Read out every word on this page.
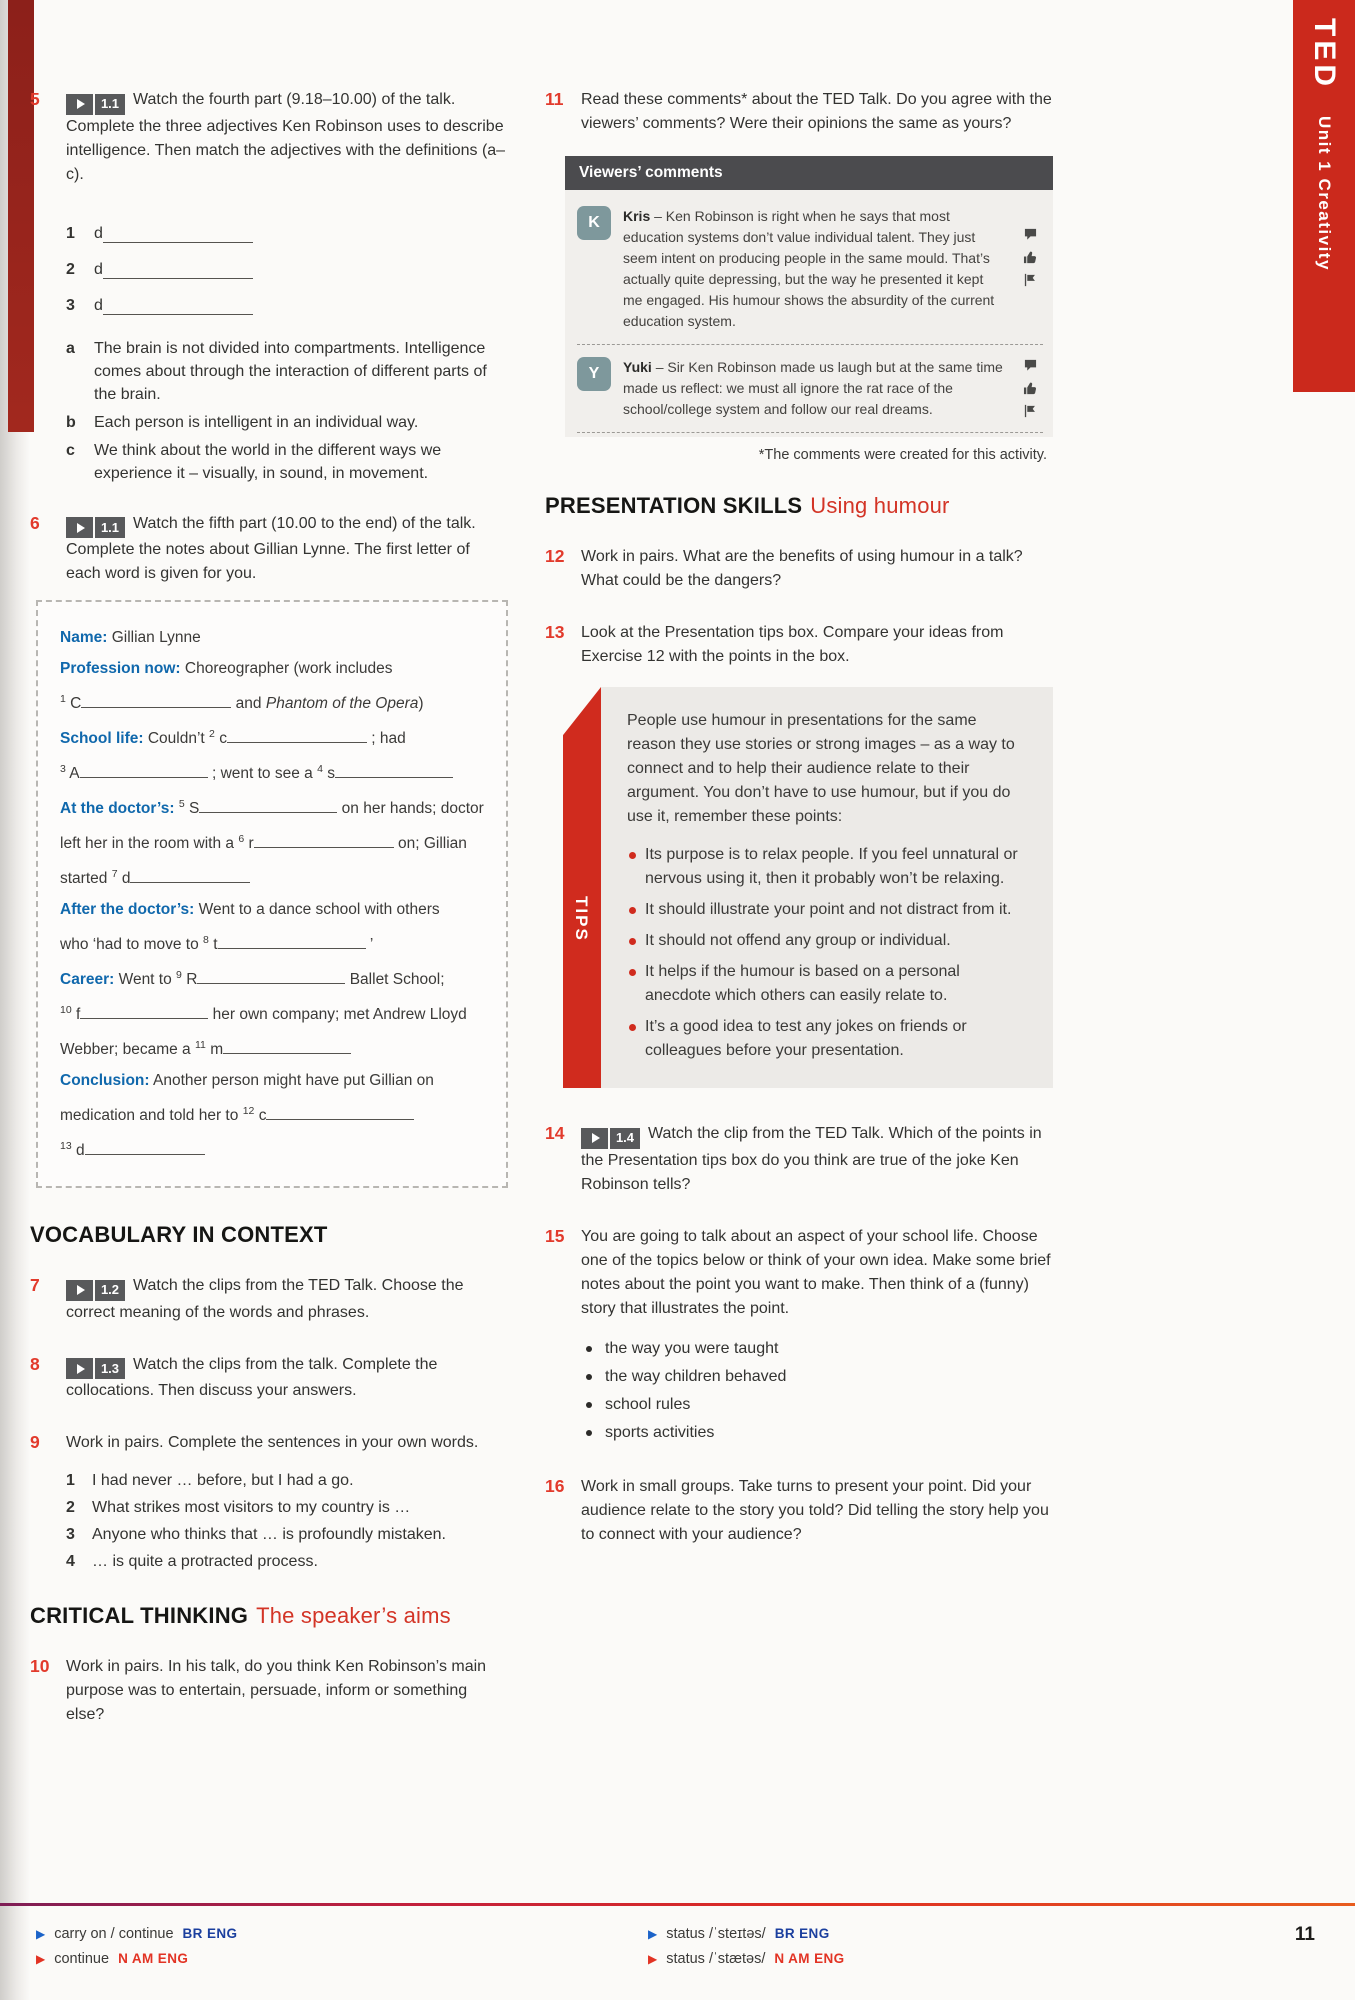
TED
Unit 1 Creativity
5	1.1 Watch the fourth part (9.18–10.00) of the talk. Complete the three adjectives Ken Robinson uses to describe intelligence. Then match the adjectives with the definitions (a–c).
1	d
2	d
3	d
a	The brain is not divided into compartments. Intelligence comes about through the interaction of different parts of the brain.
b	Each person is intelligent in an individual way.
c	We think about the world in the different ways we experience it – visually, in sound, in movement.
6	1.1 Watch the fifth part (10.00 to the end) of the talk. Complete the notes about Gillian Lynne. The first letter of each word is given for you.
Name: Gillian Lynne
Profession now: Choreographer (work includes
$^1$ C	and Phantom of the Opera)
School life: Couldn’t $^2$ c	; had
$^3$ A	; went to see a $^4$ s
At the doctor’s: $^5$ S	on her hands; doctor
left her in the room with a $^6$ r	on; Gillian
started $^7$ d
After the doctor’s: Went to a dance school with others
who ‘had to move to $^8$ t	’
Career: Went to $^9$ R	Ballet School;
$^{10}$ f	her own company; met Andrew Lloyd
Webber; became a $^{11}$ m
Conclusion: Another person might have put Gillian on
medication and told her to $^{12}$ c
$^{13}$ d
VOCABULARY IN CONTEXT
7	1.2 Watch the clips from the TED Talk. Choose the correct meaning of the words and phrases.
8	1.3 Watch the clips from the talk. Complete the collocations. Then discuss your answers.
9	Work in pairs. Complete the sentences in your own words.
1	I had never … before, but I had a go.
2	What strikes most visitors to my country is …
3	Anyone who thinks that … is profoundly mistaken.
4	… is quite a protracted process.
CRITICAL THINKING The speaker’s aims
10	Work in pairs. In his talk, do you think Ken Robinson’s main purpose was to entertain, persuade, inform or something else?
11	Read these comments* about the TED Talk. Do you agree with the viewers’ comments? Were their opinions the same as yours?
Viewers’ comments
K	Kris – Ken Robinson is right when he says that most education systems don’t value individual talent. They just seem intent on producing people in the same mould. That’s actually quite depressing, but the way he presented it kept me engaged. His humour shows the absurdity of the current education system.
Y	Yuki – Sir Ken Robinson made us laugh but at the same time made us reflect: we must all ignore the rat race of the school/college system and follow our real dreams.
*The comments were created for this activity.
PRESENTATION SKILLS Using humour
12	Work in pairs. What are the benefits of using humour in a talk? What could be the dangers?
13	Look at the Presentation tips box. Compare your ideas from Exercise 12 with the points in the box.
TIPS
People use humour in presentations for the same reason they use stories or strong images – as a way to connect and to help their audience relate to their argument. You don’t have to use humour, but if you do use it, remember these points:
Its purpose is to relax people. If you feel unnatural or nervous using it, then it probably won’t be relaxing.
It should illustrate your point and not distract from it.
It should not offend any group or individual.
It helps if the humour is based on a personal anecdote which others can easily relate to.
It’s a good idea to test any jokes on friends or colleagues before your presentation.
14	1.4 Watch the clip from the TED Talk. Which of the points in the Presentation tips box do you think are true of the joke Ken Robinson tells?
15	You are going to talk about an aspect of your school life. Choose one of the topics below or think of your own idea. Make some brief notes about the point you want to make. Then think of a (funny) story that illustrates the point.
the way you were taught
the way children behaved
school rules
sports activities
16	Work in small groups. Take turns to present your point. Did your audience relate to the story you told? Did telling the story help you to connect with your audience?
▶ carry on / continue BR ENG
▶ continue N AM ENG
▶ status /ˈsteɪtəs/ BR ENG
▶ status /ˈstætəs/ N AM ENG
11
